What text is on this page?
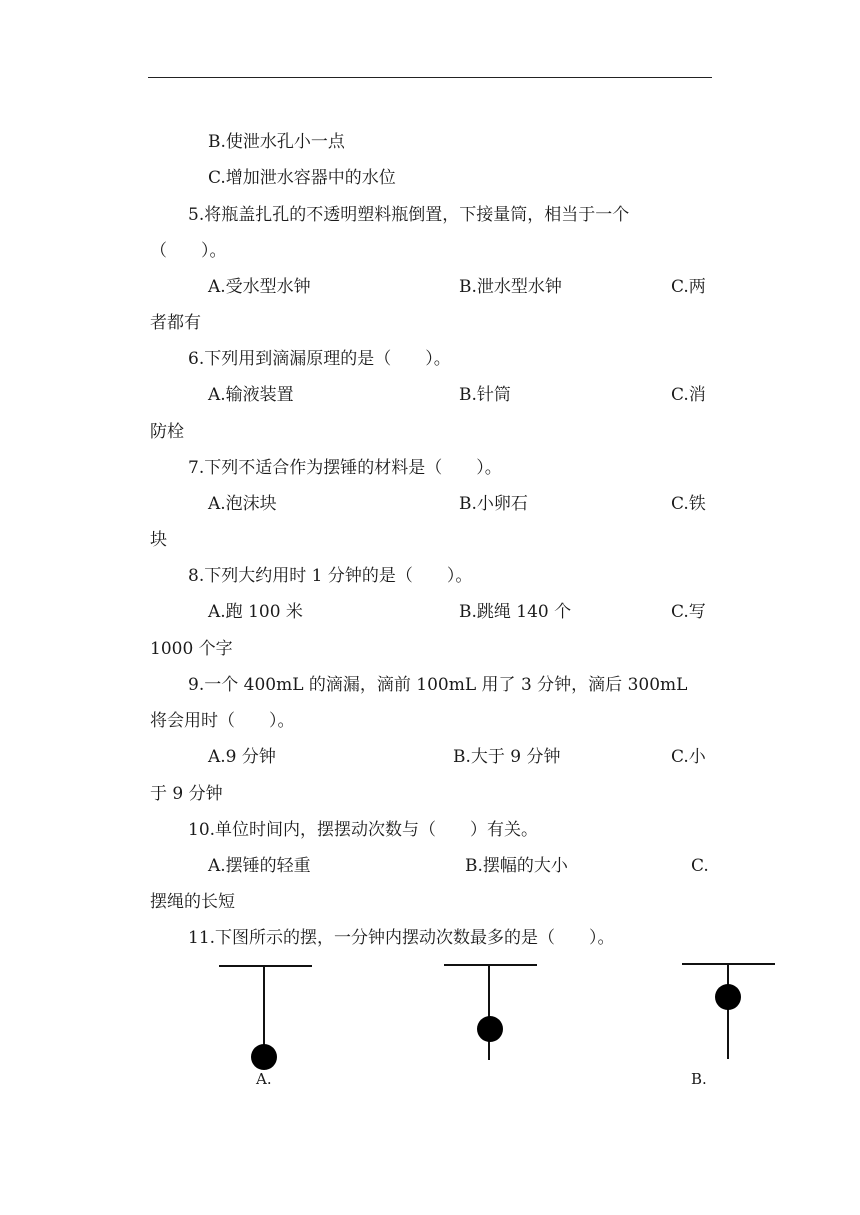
B.使泄水孔小一点
C.增加泄水容器中的水位
5.将瓶盖扎孔的不透明塑料瓶倒置，下接量筒，相当于一个
（　　）。
A.受水型水钟	B.泄水型水钟	C.两
者都有
6.下列用到滴漏原理的是（　　）。
A.输液装置	B.针筒	C.消
防栓
7.下列不适合作为摆锤的材料是（　　）。
A.泡沫块	B.小卵石	C.铁
块
8.下列大约用时 1 分钟的是（　　）。
A.跑 100 米	B.跳绳 140 个	C.写
1000 个字
9.一个 400mL 的滴漏，滴前 100mL 用了 3 分钟，滴后 300mL
将会用时（　　）。
A.9 分钟	B.大于 9 分钟	C.小
于 9 分钟
10.单位时间内，摆摆动次数与（　　）有关。
A.摆锤的轻重	B.摆幅的大小	C.
摆绳的长短
11.下图所示的摆，一分钟内摆动次数最多的是（　　）。
A.	B.
